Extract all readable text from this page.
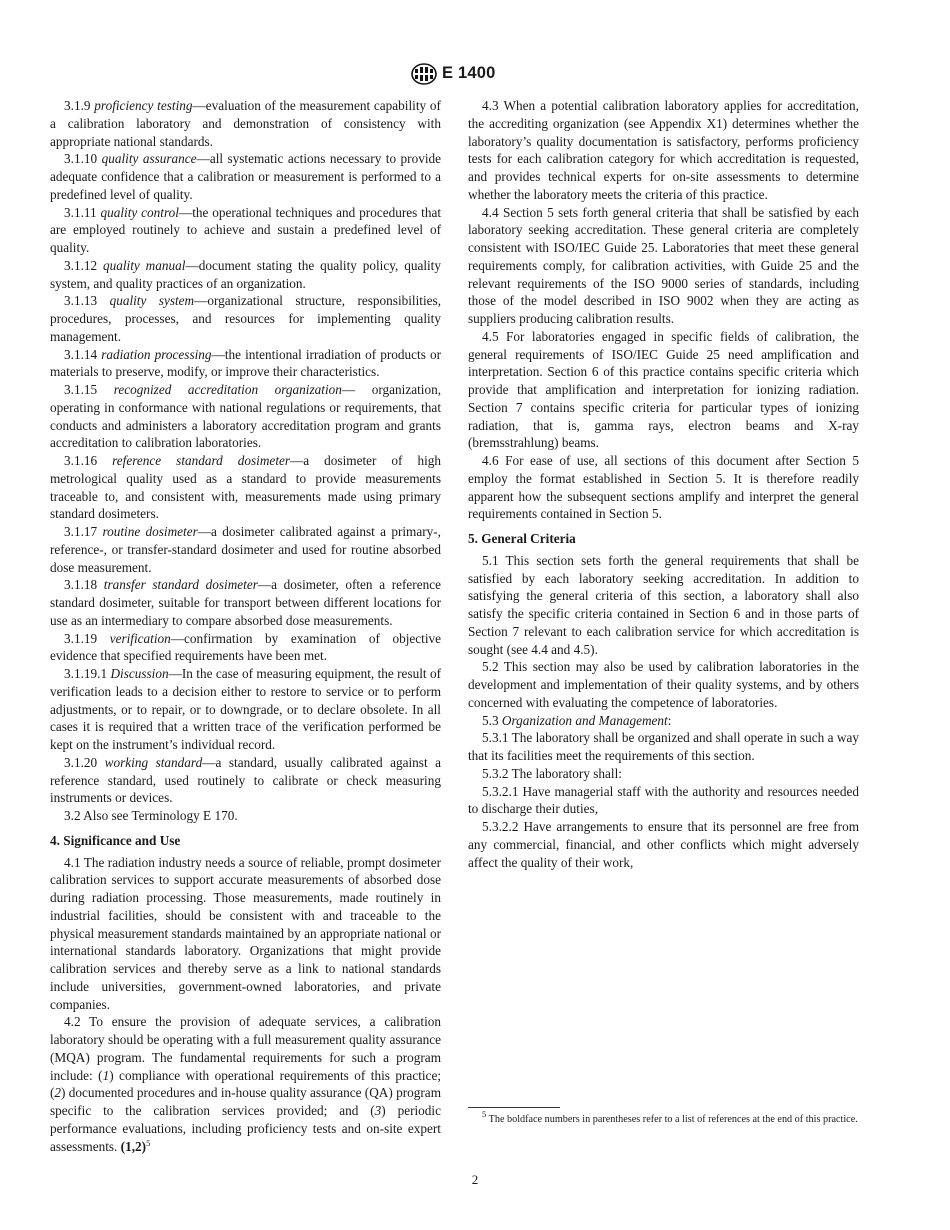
E 1400

3.1.9 proficiency testing—evaluation of the measurement capability of a calibration laboratory and demonstration of consistency with appropriate national standards.

3.1.10 quality assurance—all systematic actions necessary to provide adequate confidence that a calibration or measurement is performed to a predefined level of quality.

3.1.11 quality control—the operational techniques and procedures that are employed routinely to achieve and sustain a predefined level of quality.

3.1.12 quality manual—document stating the quality policy, quality system, and quality practices of an organization.

3.1.13 quality system—organizational structure, responsibilities, procedures, processes, and resources for implementing quality management.

3.1.14 radiation processing—the intentional irradiation of products or materials to preserve, modify, or improve their characteristics.

3.1.15 recognized accreditation organization— organization, operating in conformance with national regulations or requirements, that conducts and administers a laboratory accreditation program and grants accreditation to calibration laboratories.

3.1.16 reference standard dosimeter—a dosimeter of high metrological quality used as a standard to provide measurements traceable to, and consistent with, measurements made using primary standard dosimeters.

3.1.17 routine dosimeter—a dosimeter calibrated against a primary-, reference-, or transfer-standard dosimeter and used for routine absorbed dose measurement.

3.1.18 transfer standard dosimeter—a dosimeter, often a reference standard dosimeter, suitable for transport between different locations for use as an intermediary to compare absorbed dose measurements.

3.1.19 verification—confirmation by examination of objective evidence that specified requirements have been met.

3.1.19.1 Discussion—In the case of measuring equipment, the result of verification leads to a decision either to restore to service or to perform adjustments, or to repair, or to downgrade, or to declare obsolete. In all cases it is required that a written trace of the verification performed be kept on the instrument’s individual record.

3.1.20 working standard—a standard, usually calibrated against a reference standard, used routinely to calibrate or check measuring instruments or devices.

3.2 Also see Terminology E 170.

4. Significance and Use

4.1 The radiation industry needs a source of reliable, prompt dosimeter calibration services to support accurate measurements of absorbed dose during radiation processing. Those measurements, made routinely in industrial facilities, should be consistent with and traceable to the physical measurement standards maintained by an appropriate national or international standards laboratory. Organizations that might provide calibration services and thereby serve as a link to national standards include universities, government-owned laboratories, and private companies.

4.2 To ensure the provision of adequate services, a calibration laboratory should be operating with a full measurement quality assurance (MQA) program. The fundamental requirements for such a program include: (1) compliance with operational requirements of this practice; (2) documented procedures and in-house quality assurance (QA) program specific to the calibration services provided; and (3) periodic performance evaluations, including proficiency tests and on-site expert assessments. $(1,2)^5$

4.3 When a potential calibration laboratory applies for accreditation, the accrediting organization (see Appendix X1) determines whether the laboratory’s quality documentation is satisfactory, performs proficiency tests for each calibration category for which accreditation is requested, and provides technical experts for on-site assessments to determine whether the laboratory meets the criteria of this practice.

4.4 Section 5 sets forth general criteria that shall be satisfied by each laboratory seeking accreditation. These general criteria are completely consistent with ISO/IEC Guide 25. Laboratories that meet these general requirements comply, for calibration activities, with Guide 25 and the relevant requirements of the ISO 9000 series of standards, including those of the model described in ISO 9002 when they are acting as suppliers producing calibration results.

4.5 For laboratories engaged in specific fields of calibration, the general requirements of ISO/IEC Guide 25 need amplification and interpretation. Section 6 of this practice contains specific criteria which provide that amplification and interpretation for ionizing radiation. Section 7 contains specific criteria for particular types of ionizing radiation, that is, gamma rays, electron beams and X-ray (bremsstrahlung) beams.

4.6 For ease of use, all sections of this document after Section 5 employ the format established in Section 5. It is therefore readily apparent how the subsequent sections amplify and interpret the general requirements contained in Section 5.

5. General Criteria

5.1 This section sets forth the general requirements that shall be satisfied by each laboratory seeking accreditation. In addition to satisfying the general criteria of this section, a laboratory shall also satisfy the specific criteria contained in Section 6 and in those parts of Section 7 relevant to each calibration service for which accreditation is sought (see 4.4 and 4.5).

5.2 This section may also be used by calibration laboratories in the development and implementation of their quality systems, and by others concerned with evaluating the competence of laboratories.

5.3 Organization and Management:

5.3.1 The laboratory shall be organized and shall operate in such a way that its facilities meet the requirements of this section.

5.3.2 The laboratory shall:

5.3.2.1 Have managerial staff with the authority and resources needed to discharge their duties,

5.3.2.2 Have arrangements to ensure that its personnel are free from any commercial, financial, and other conflicts which might adversely affect the quality of their work,

$^5$ The boldface numbers in parentheses refer to a list of references at the end of this practice.

2
